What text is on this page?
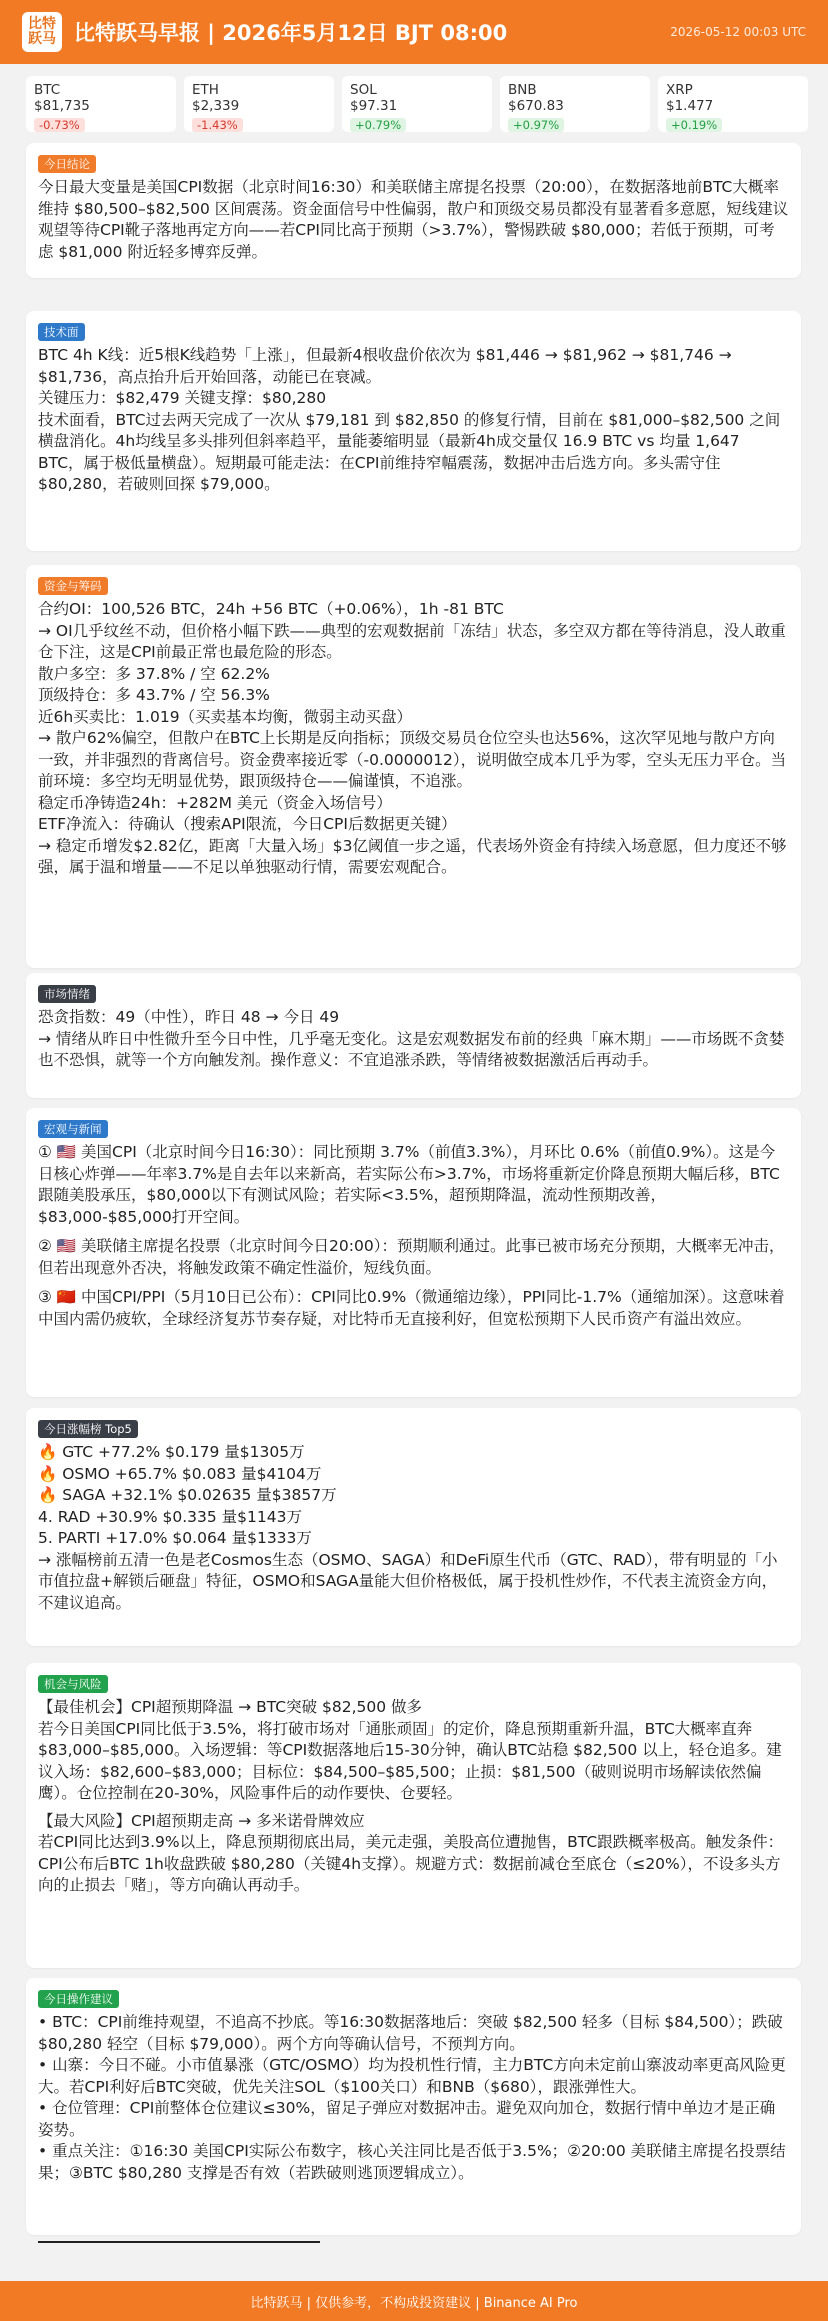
比特
跃马 比特跃马早报 | 2026年5月12日 BJT 08:00	2026-05-12 00:03 UTC
BTC
$81,735
-0.73%
ETH
$2,339
-1.43%
SOL
$97.31
+0.79%
BNB
$670.83
+0.97%
XRP
$1.477
+0.19%
今日结论

今日最大变量是美国CPI数据（北京时间16:30）和美联储主席提名投票（20:00），在数据落地前BTC大概率维持 $80,500–$82,500 区间震荡。资金面信号中性偏弱，散户和顶级交易员都没有显著看多意愿，短线建议观望等待CPI靴子落地再定方向——若CPI同比高于预期（>3.7%），警惕跌破 $80,000；若低于预期，可考虑 $81,000 附近轻多博弈反弹。

技术面

BTC 4h K线：近5根K线趋势「上涨」，但最新4根收盘价依次为 $81,446 → $81,962 → $81,746 → $81,736，高点抬升后开始回落，动能已在衰减。

关键压力：$82,479 关键支撑：$80,280

技术面看，BTC过去两天完成了一次从 $79,181 到 $82,850 的修复行情，目前在 $81,000–$82,500 之间横盘消化。4h均线呈多头排列但斜率趋平，量能萎缩明显（最新4h成交量仅 16.9 BTC vs 均量 1,647 BTC，属于极低量横盘）。短期最可能走法：在CPI前维持窄幅震荡，数据冲击后选方向。多头需守住 $80,280，若破则回探 $79,000。

资金与筹码

合约OI：100,526 BTC，24h +56 BTC（+0.06%），1h -81 BTC

→ OI几乎纹丝不动，但价格小幅下跌——典型的宏观数据前「冻结」状态，多空双方都在等待消息，没人敢重仓下注，这是CPI前最正常也最危险的形态。

散户多空：多 37.8% / 空 62.2%

顶级持仓：多 43.7% / 空 56.3%

近6h买卖比：1.019（买卖基本均衡，微弱主动买盘）

→ 散户62%偏空，但散户在BTC上长期是反向指标；顶级交易员仓位空头也达56%，这次罕见地与散户方向一致，并非强烈的背离信号。资金费率接近零（-0.0000012），说明做空成本几乎为零，空头无压力平仓。当前环境：多空均无明显优势，跟顶级持仓——偏谨慎，不追涨。

稳定币净铸造24h：+282M 美元（资金入场信号）

ETF净流入：待确认（搜索API限流，今日CPI后数据更关键）

→ 稳定币增发$2.82亿，距离「大量入场」$3亿阈值一步之遥，代表场外资金有持续入场意愿，但力度还不够强，属于温和增量——不足以单独驱动行情，需要宏观配合。

市场情绪

恐贪指数：49（中性），昨日 48 → 今日 49

→ 情绪从昨日中性微升至今日中性，几乎毫无变化。这是宏观数据发布前的经典「麻木期」——市场既不贪婪也不恐惧，就等一个方向触发剂。操作意义：不宜追涨杀跌，等情绪被数据激活后再动手。

宏观与新闻

① 🇺🇸 美国CPI（北京时间今日16:30）：同比预期 3.7%（前值3.3%），月环比 0.6%（前值0.9%）。这是今日核心炸弹——年率3.7%是自去年以来新高，若实际公布>3.7%，市场将重新定价降息预期大幅后移，BTC跟随美股承压，$80,000以下有测试风险；若实际<3.5%，超预期降温，流动性预期改善，$83,000-$85,000打开空间。

② 🇺🇸 美联储主席提名投票（北京时间今日20:00）：预期顺利通过。此事已被市场充分预期，大概率无冲击，但若出现意外否决，将触发政策不确定性溢价，短线负面。

③ 🇨🇳 中国CPI/PPI（5月10日已公布）：CPI同比0.9%（微通缩边缘），PPI同比-1.7%（通缩加深）。这意味着中国内需仍疲软，全球经济复苏节奏存疑，对比特币无直接利好，但宽松预期下人民币资产有溢出效应。

今日涨幅榜 Top5

🔥 GTC +77.2% $0.179 量$1305万

🔥 OSMO +65.7% $0.083 量$4104万

🔥 SAGA +32.1% $0.02635 量$3857万

4. RAD +30.9% $0.335 量$1143万

5. PARTI +17.0% $0.064 量$1333万

→ 涨幅榜前五清一色是老Cosmos生态（OSMO、SAGA）和DeFi原生代币（GTC、RAD），带有明显的「小市值拉盘+解锁后砸盘」特征，OSMO和SAGA量能大但价格极低，属于投机性炒作，不代表主流资金方向，不建议追高。

机会与风险

【最佳机会】CPI超预期降温 → BTC突破 $82,500 做多

若今日美国CPI同比低于3.5%，将打破市场对「通胀顽固」的定价，降息预期重新升温，BTC大概率直奔 $83,000–$85,000。入场逻辑：等CPI数据落地后15-30分钟，确认BTC站稳 $82,500 以上，轻仓追多。建议入场：$82,600–$83,000；目标位：$84,500–$85,500；止损：$81,500（破则说明市场解读依然偏鹰）。仓位控制在20-30%，风险事件后的动作要快、仓要轻。

【最大风险】CPI超预期走高 → 多米诺骨牌效应

若CPI同比达到3.9%以上，降息预期彻底出局，美元走强，美股高位遭抛售，BTC跟跌概率极高。触发条件：CPI公布后BTC 1h收盘跌破 $80,280（关键4h支撑）。规避方式：数据前减仓至底仓（≤20%），不设多头方向的止损去「赌」，等方向确认再动手。

今日操作建议

• BTC：CPI前维持观望，不追高不抄底。等16:30数据落地后：突破 $82,500 轻多（目标 $84,500）；跌破 $80,280 轻空（目标 $79,000）。两个方向等确认信号，不预判方向。

• 山寨：今日不碰。小市值暴涨（GTC/OSMO）均为投机性行情，主力BTC方向未定前山寨波动率更高风险更大。若CPI利好后BTC突破，优先关注SOL（$100关口）和BNB（$680），跟涨弹性大。

• 仓位管理：CPI前整体仓位建议≤30%，留足子弹应对数据冲击。避免双向加仓，数据行情中单边才是正确姿势。

• 重点关注：①16:30 美国CPI实际公布数字，核心关注同比是否低于3.5%；②20:00 美联储主席提名投票结果；③BTC $80,280 支撑是否有效（若跌破则逃顶逻辑成立）。

比特跃马 | 仅供参考，不构成投资建议 | Binance AI Pro
